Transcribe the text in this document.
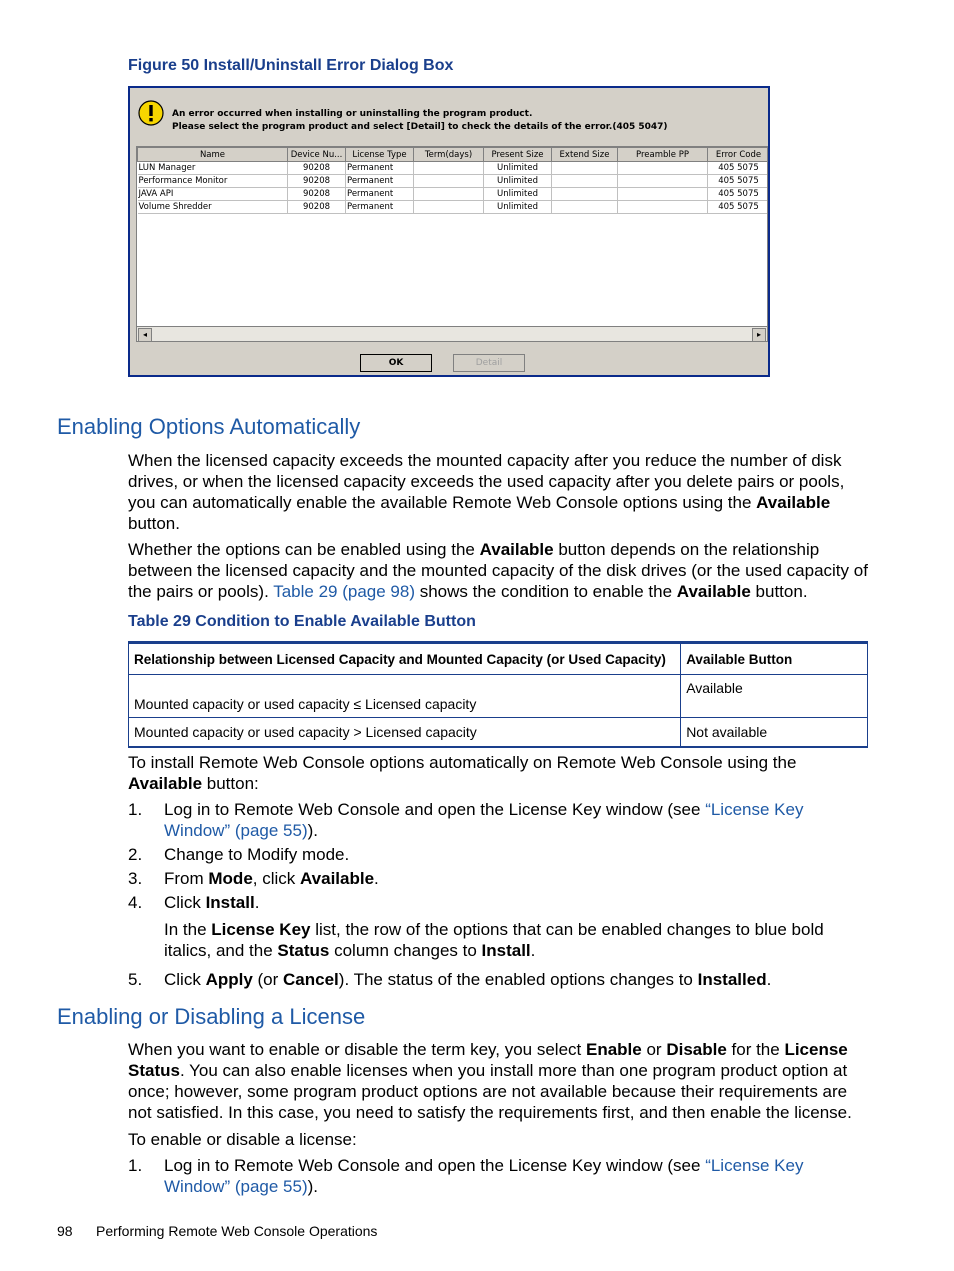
Figure 50 Install/Uninstall Error Dialog Box
An error occurred when installing or uninstalling the program product.
Please select the program product and select [Detail] to check the details of the error.(405 5047)
Name	Device Nu...	License Type	Term(days)	Present Size	Extend Size	Preamble PP	Error Code
LUN Manager	90208	Permanent		Unlimited			405 5075
Performance Monitor	90208	Permanent		Unlimited			405 5075
JAVA API	90208	Permanent		Unlimited			405 5075
Volume Shredder	90208	Permanent		Unlimited			405 5075
◂	▸
OK	Detail
Enabling Options Automatically
When the licensed capacity exceeds the mounted capacity after you reduce the number of disk drives, or when the licensed capacity exceeds the used capacity after you delete pairs or pools, you can automatically enable the available Remote Web Console options using the Available button.
Whether the options can be enabled using the Available button depends on the relationship between the licensed capacity and the mounted capacity of the disk drives (or the used capacity of the pairs or pools). Table 29 (page 98) shows the condition to enable the Available button.
Table 29 Condition to Enable Available Button
Relationship between Licensed Capacity and Mounted Capacity (or Used Capacity)	Available Button
Mounted capacity or used capacity ≤ Licensed capacity	Available
Mounted capacity or used capacity > Licensed capacity	Not available
To install Remote Web Console options automatically on Remote Web Console using the Available button:
1. Log in to Remote Web Console and open the License Key window (see “License Key Window” (page 55)).
2. Change to Modify mode.
3. From Mode, click Available.
4. Click Install.
In the License Key list, the row of the options that can be enabled changes to blue bold italics, and the Status column changes to Install.
5. Click Apply (or Cancel). The status of the enabled options changes to Installed.
Enabling or Disabling a License
When you want to enable or disable the term key, you select Enable or Disable for the License Status. You can also enable licenses when you install more than one program product option at once; however, some program product options are not available because their requirements are not satisfied. In this case, you need to satisfy the requirements first, and then enable the license.
To enable or disable a license:
1. Log in to Remote Web Console and open the License Key window (see “License Key Window” (page 55)).
98 Performing Remote Web Console Operations
